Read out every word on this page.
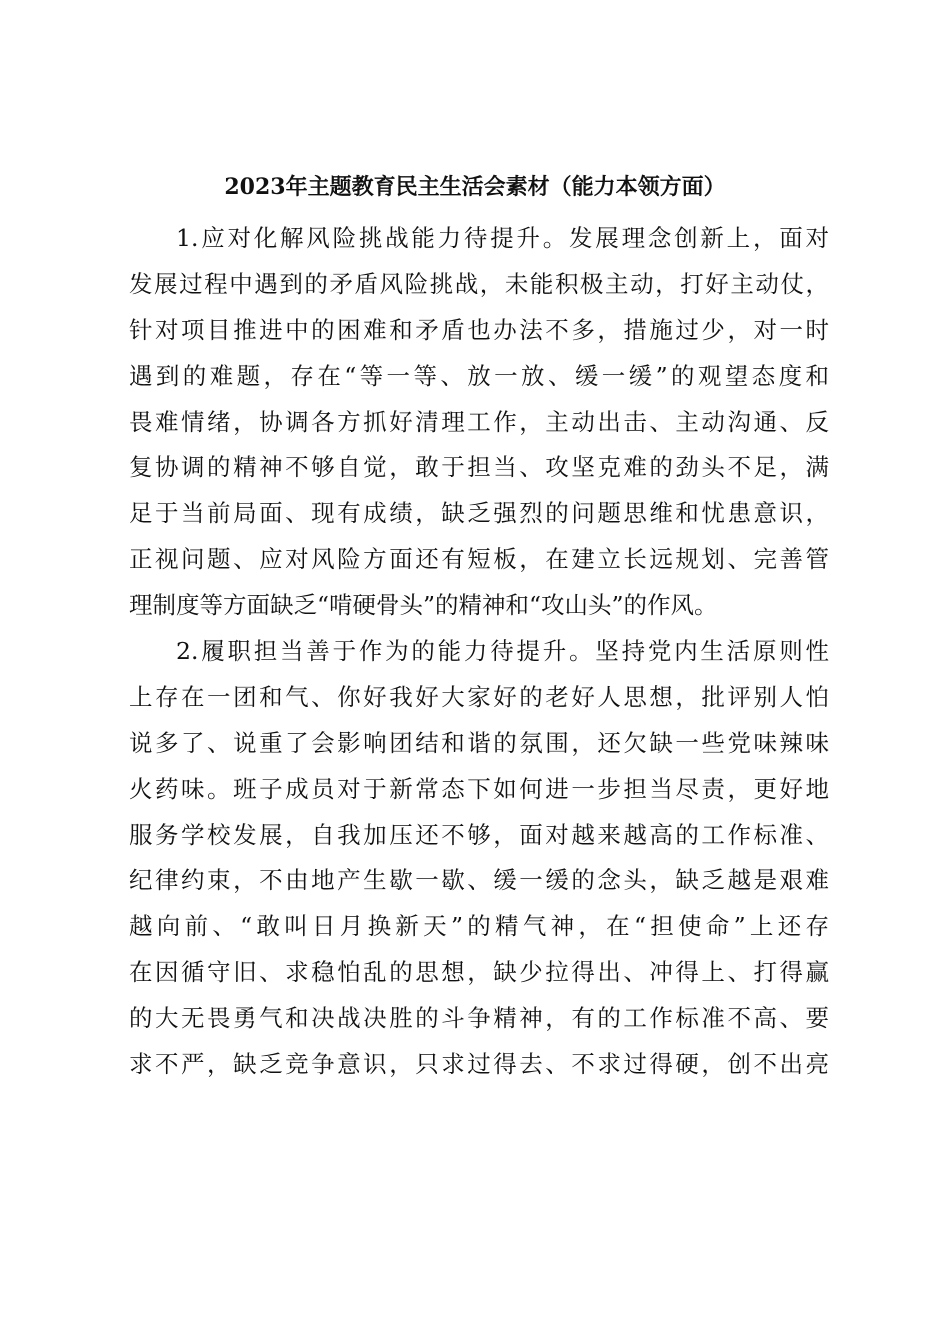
2023年主题教育民主生活会素材（能力本领方面）
1.应对化解风险挑战能力待提升。发展理念创新上，面对
发展过程中遇到的矛盾风险挑战，未能积极主动，打好主动仗，
针对项目推进中的困难和矛盾也办法不多，措施过少，对一时
遇到的难题，存在“等一等、放一放、缓一缓”的观望态度和
畏难情绪，协调各方抓好清理工作，主动出击、主动沟通、反
复协调的精神不够自觉，敢于担当、攻坚克难的劲头不足，满
足于当前局面、现有成绩，缺乏强烈的问题思维和忧患意识，
正视问题、应对风险方面还有短板，在建立长远规划、完善管
理制度等方面缺乏“啃硬骨头”的精神和“攻山头”的作风。
2.履职担当善于作为的能力待提升。坚持党内生活原则性
上存在一团和气、你好我好大家好的老好人思想，批评别人怕
说多了、说重了会影响团结和谐的氛围，还欠缺一些党味辣味
火药味。班子成员对于新常态下如何进一步担当尽责，更好地
服务学校发展，自我加压还不够，面对越来越高的工作标准、
纪律约束，不由地产生歇一歇、缓一缓的念头，缺乏越是艰难
越向前、“敢叫日月换新天”的精气神，在“担使命”上还存
在因循守旧、求稳怕乱的思想，缺少拉得出、冲得上、打得赢
的大无畏勇气和决战决胜的斗争精神，有的工作标准不高、要
求不严，缺乏竞争意识，只求过得去、不求过得硬，创不出亮
